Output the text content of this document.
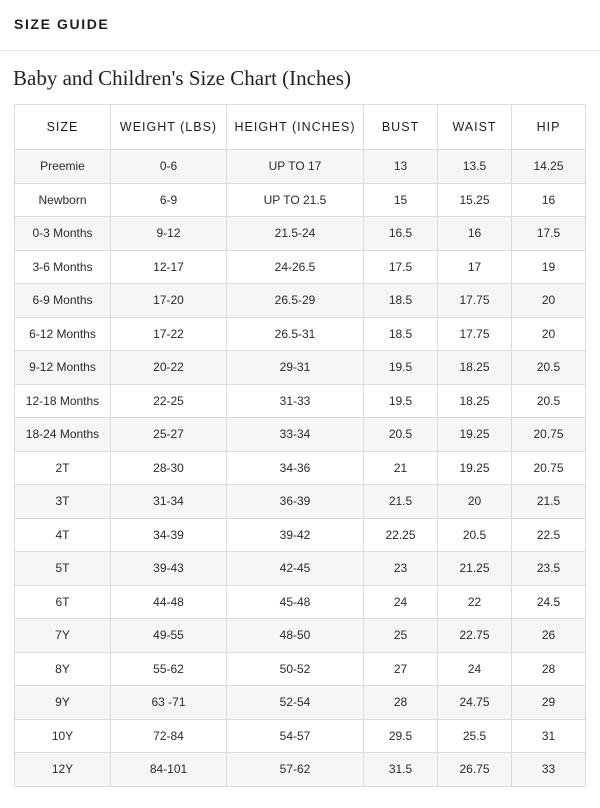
SIZE GUIDE
Baby and Children's Size Chart (Inches)
SIZE	WEIGHT (LBS)	HEIGHT (INCHES)	BUST	WAIST	HIP
Preemie	0-6	UP TO 17	13	13.5	14.25
Newborn	6-9	UP TO 21.5	15	15.25	16
0-3 Months	9-12	21.5-24	16.5	16	17.5
3-6 Months	12-17	24-26.5	17.5	17	19
6-9 Months	17-20	26.5-29	18.5	17.75	20
6-12 Months	17-22	26.5-31	18.5	17.75	20
9-12 Months	20-22	29-31	19.5	18.25	20.5
12-18 Months	22-25	31-33	19.5	18.25	20.5
18-24 Months	25-27	33-34	20.5	19.25	20.75
2T	28-30	34-36	21	19.25	20.75
3T	31-34	36-39	21.5	20	21.5
4T	34-39	39-42	22.25	20.5	22.5
5T	39-43	42-45	23	21.25	23.5
6T	44-48	45-48	24	22	24.5
7Y	49-55	48-50	25	22.75	26
8Y	55-62	50-52	27	24	28
9Y	63 -71	52-54	28	24.75	29
10Y	72-84	54-57	29.5	25.5	31
12Y	84-101	57-62	31.5	26.75	33
